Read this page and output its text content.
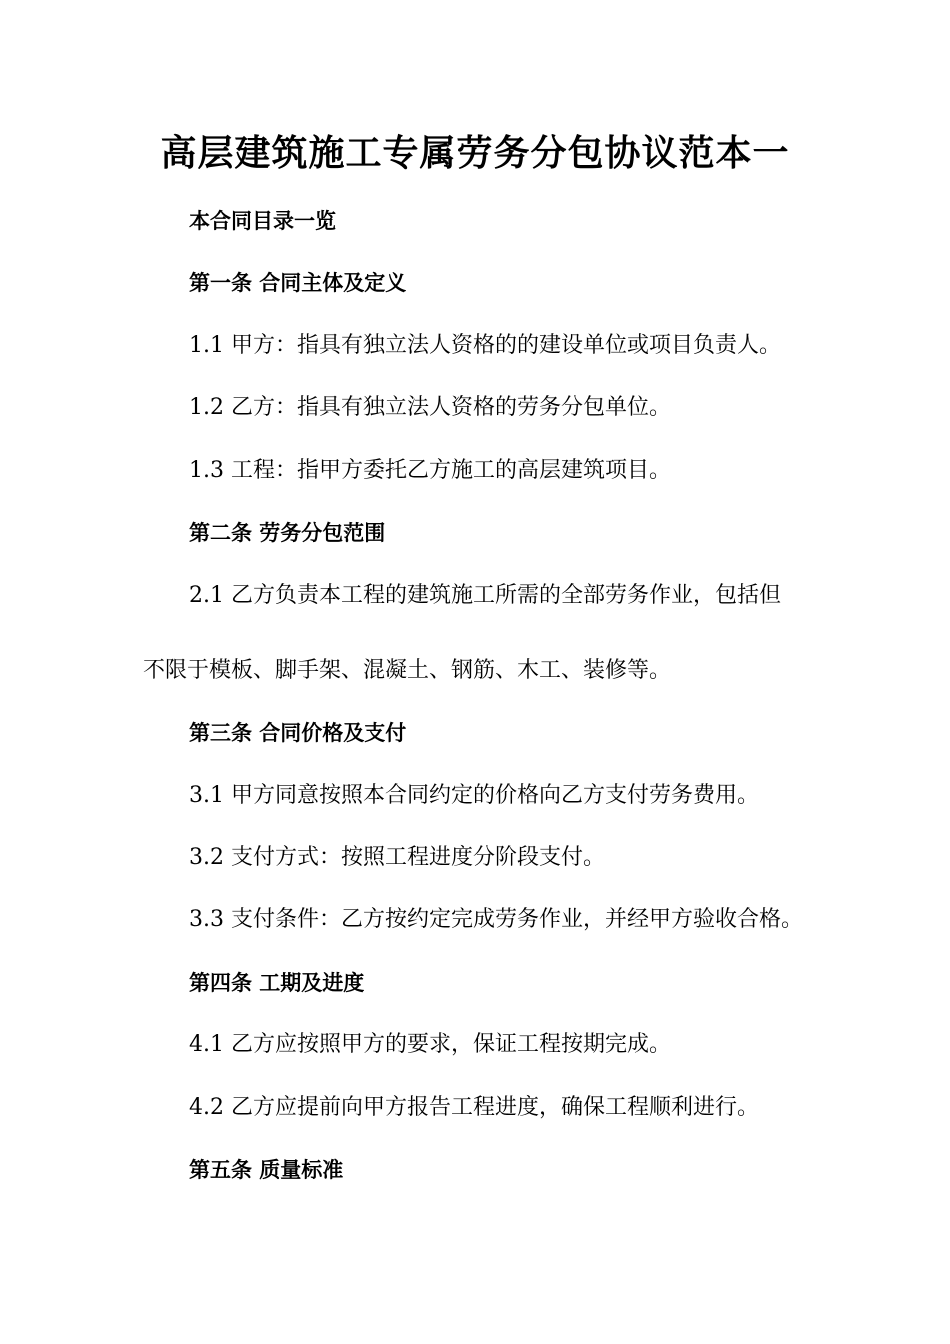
高层建筑施工专属劳务分包协议范本一
本合同目录一览
第一条 合同主体及定义
1.1 甲方：指具有独立法人资格的的建设单位或项目负责人。
1.2 乙方：指具有独立法人资格的劳务分包单位。
1.3 工程：指甲方委托乙方施工的高层建筑项目。
第二条 劳务分包范围
2.1 乙方负责本工程的建筑施工所需的全部劳务作业，包括但
不限于模板、脚手架、混凝土、钢筋、木工、装修等。
第三条 合同价格及支付
3.1 甲方同意按照本合同约定的价格向乙方支付劳务费用。
3.2 支付方式：按照工程进度分阶段支付。
3.3 支付条件：乙方按约定完成劳务作业，并经甲方验收合格。
第四条 工期及进度
4.1 乙方应按照甲方的要求，保证工程按期完成。
4.2 乙方应提前向甲方报告工程进度，确保工程顺利进行。
第五条 质量标准
